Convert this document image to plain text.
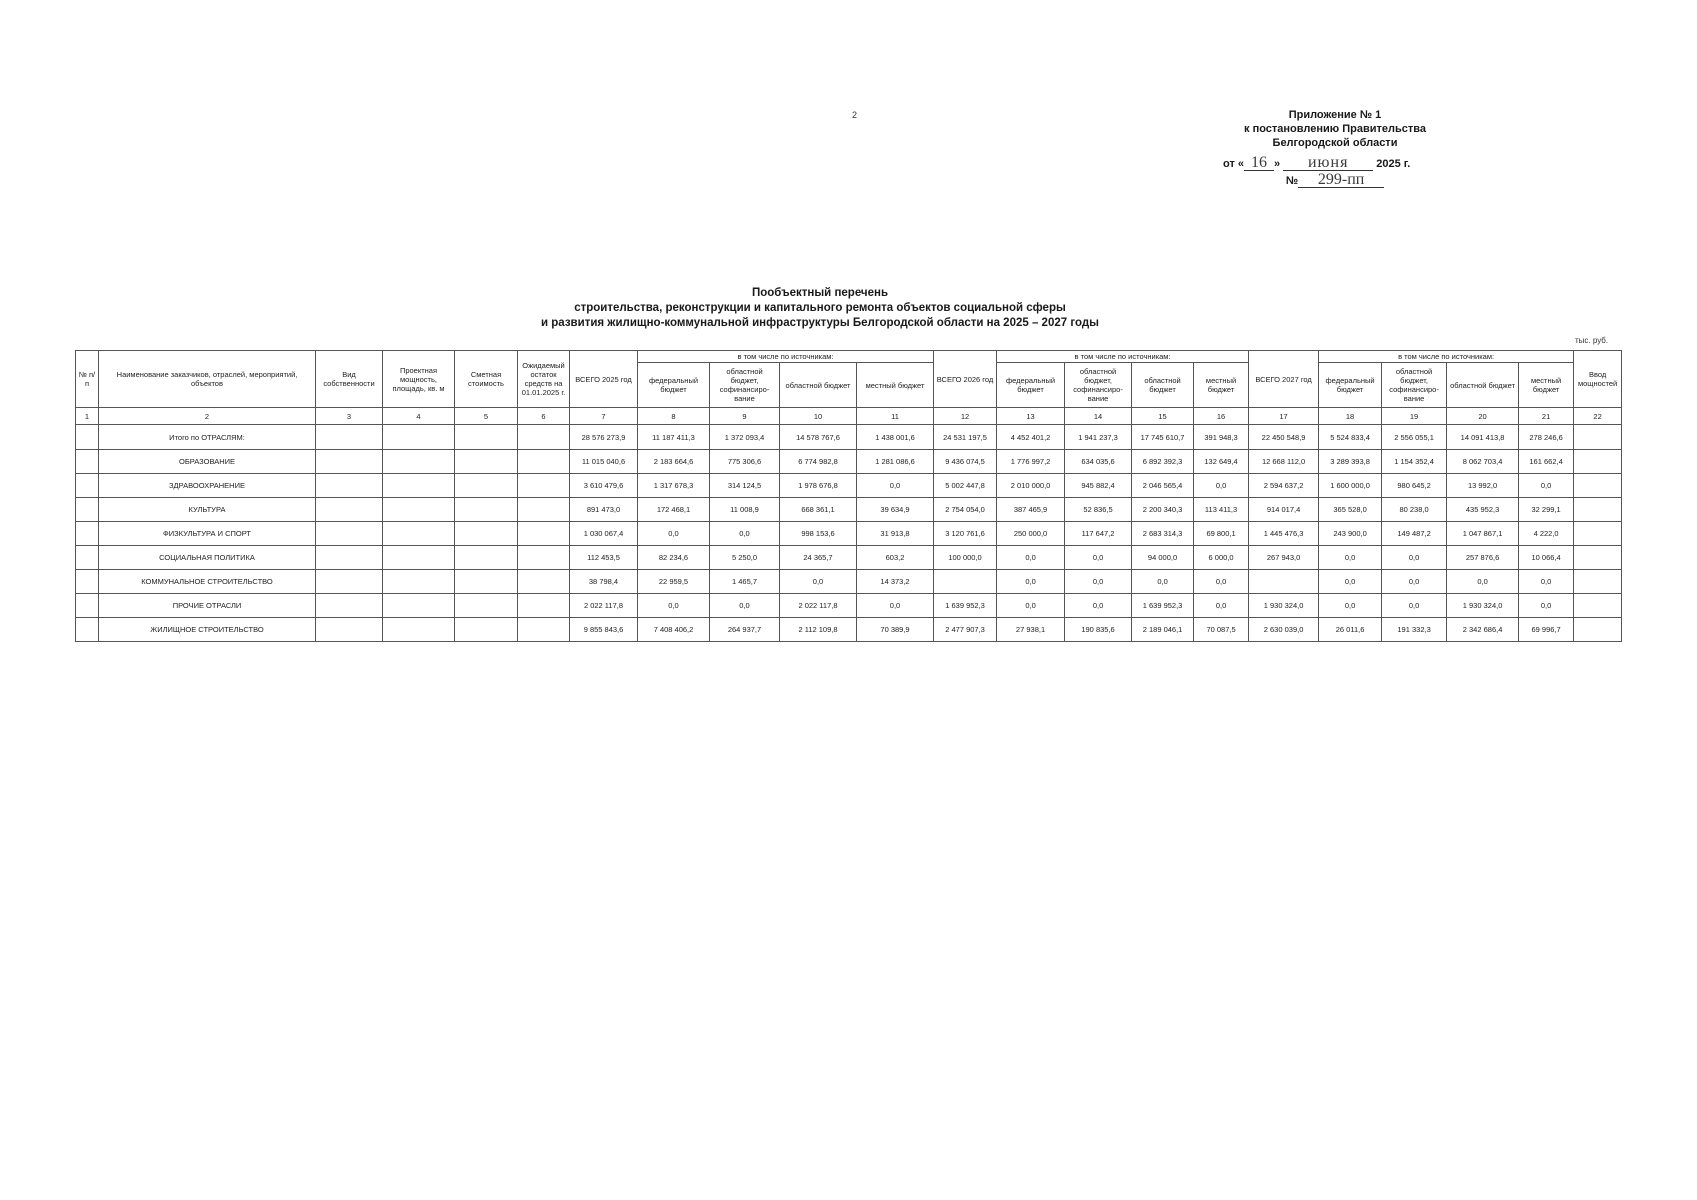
2	Приложение № 1
к постановлению Правительства
Белгородской области
от « 16 » июня	2025 г.
№ 299-пп
Пообъектный перечень
строительства, реконструкции и капитального ремонта объектов социальной сферы
и развития жилищно-коммунальной инфраструктуры Белгородской области на 2025 – 2027 годы
тыс. руб.
№ п/п	Наименование заказчиков, отраслей, мероприятий, объектов	Вид собственности	Проектная мощность, площадь, кв. м	Сметная стоимость	Ожидаемый остаток средств на 01.01.2025 г.	ВСЕГО 2025 год	в том числе по источникам:				ВСЕГО 2026 год	в том числе по источникам:				ВСЕГО 2027 год	в том числе по источникам:				Ввод мощностей
							федеральный бюджет	областной бюджет, софинансиро- вание	областной бюджет	местный бюджет		федеральный бюджет	областной бюджет, софинансиро- вание	областной бюджет	местный бюджет		федеральный бюджет	областной бюджет, софинансиро- вание	областной бюджет	местный бюджет	
1	2	3	4	5	6	7	8	9	10	11	12	13	14	15	16	17	18	19	20	21	22
	Итого по ОТРАСЛЯМ:					28 576 273,9	11 187 411,3	1 372 093,4	14 578 767,6	1 438 001,6	24 531 197,5	4 452 401,2	1 941 237,3	17 745 610,7	391 948,3	22 450 548,9	5 524 833,4	2 556 055,1	14 091 413,8	278 246,6	
	ОБРАЗОВАНИЕ					11 015 040,6	2 183 664,6	775 306,6	6 774 982,8	1 281 086,6	9 436 074,5	1 776 997,2	634 035,6	6 892 392,3	132 649,4	12 668 112,0	3 289 393,8	1 154 352,4	8 062 703,4	161 662,4	
	ЗДРАВООХРАНЕНИЕ					3 610 479,6	1 317 678,3	314 124,5	1 978 676,8	0,0	5 002 447,8	2 010 000,0	945 882,4	2 046 565,4	0,0	2 594 637,2	1 600 000,0	980 645,2	13 992,0	0,0	
	КУЛЬТУРА					891 473,0	172 468,1	11 008,9	668 361,1	39 634,9	2 754 054,0	387 465,9	52 836,5	2 200 340,3	113 411,3	914 017,4	365 528,0	80 238,0	435 952,3	32 299,1	
	ФИЗКУЛЬТУРА И СПОРТ					1 030 067,4	0,0	0,0	998 153,6	31 913,8	3 120 761,6	250 000,0	117 647,2	2 683 314,3	69 800,1	1 445 476,3	243 900,0	149 487,2	1 047 867,1	4 222,0	
	СОЦИАЛЬНАЯ ПОЛИТИКА					112 453,5	82 234,6	5 250,0	24 365,7	603,2	100 000,0	0,0	0,0	94 000,0	6 000,0	267 943,0	0,0	0,0	257 876,6	10 066,4	
	КОММУНАЛЬНОЕ СТРОИТЕЛЬСТВО					38 798,4	22 959,5	1 465,7	0,0	14 373,2		0,0	0,0	0,0	0,0		0,0	0,0	0,0	0,0	
	ПРОЧИЕ ОТРАСЛИ					2 022 117,8	0,0	0,0	2 022 117,8	0,0	1 639 952,3	0,0	0,0	1 639 952,3	0,0	1 930 324,0	0,0	0,0	1 930 324,0	0,0	
	ЖИЛИЩНОЕ СТРОИТЕЛЬСТВО					9 855 843,6	7 408 406,2	264 937,7	2 112 109,8	70 389,9	2 477 907,3	27 938,1	190 835,6	2 189 046,1	70 087,5	2 630 039,0	26 011,6	191 332,3	2 342 686,4	69 996,7	
